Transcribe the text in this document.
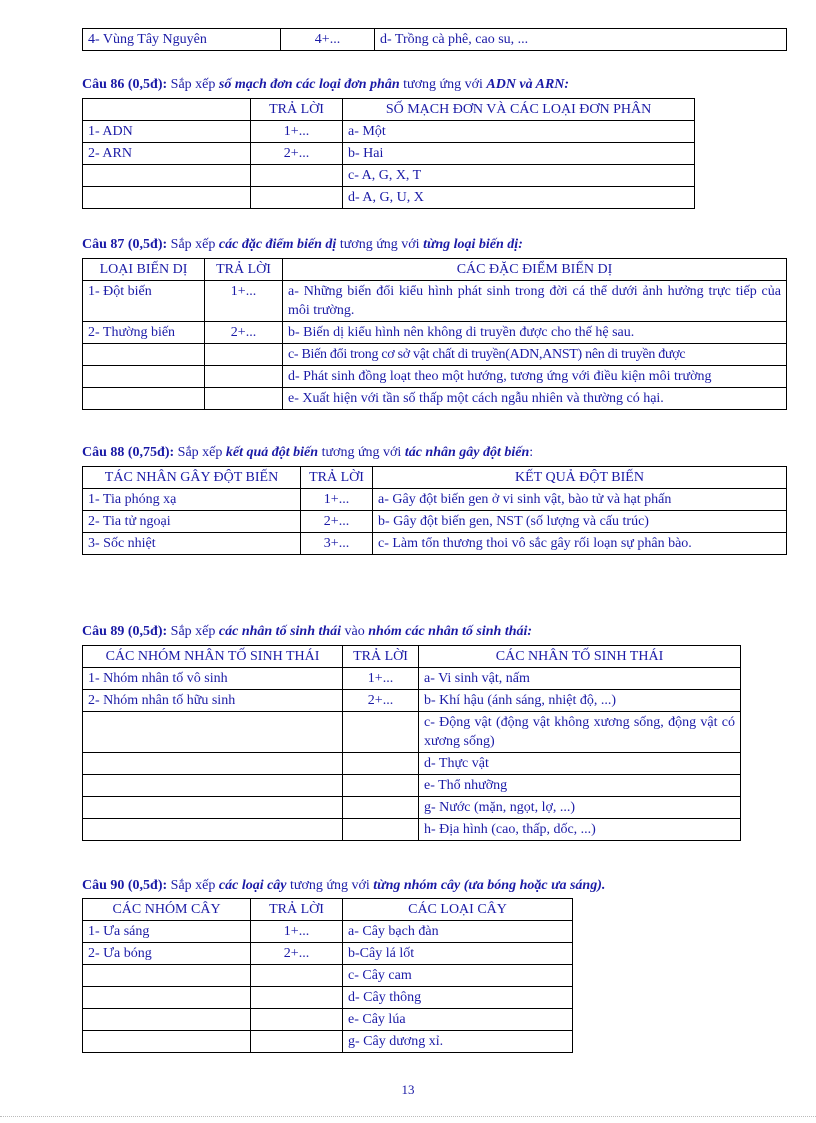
4- Vùng Tây Nguyên	4+...	d- Trồng cà phê, cao su, ...
Câu 86 (0,5đ): Sắp xếp số mạch đơn các loại đơn phân tương ứng với ADN và ARN:
	TRẢ LỜI	SỐ MẠCH ĐƠN VÀ CÁC LOẠI ĐƠN PHÂN
1- ADN	1+...	a- Một
2- ARN	2+...	b- Hai
		c- A, G, X, T
		d- A, G, U, X
Câu 87 (0,5đ): Sắp xếp các đặc điểm biến dị tương ứng với từng loại biến dị:
LOẠI BIẾN DỊ	TRẢ LỜI	CÁC ĐẶC ĐIỂM BIẾN DỊ
1- Đột biến	1+...	a- Những biến đổi kiểu hình phát sinh trong đời cá thể dưới ảnh hưởng trực tiếp của môi trường.
2- Thường biến	2+...	b- Biến dị kiểu hình nên không di truyền được cho thế hệ sau.
		c- Biến đổi trong cơ sở vật chất di truyền(ADN,ANST) nên di truyền được
		d- Phát sinh đồng loạt theo một hướng, tương ứng với điều kiện môi trường
		e- Xuất hiện với tần số thấp một cách ngẫu nhiên và thường có hại.
Câu 88 (0,75đ): Sắp xếp kết quả đột biến tương ứng với tác nhân gây đột biến:
TÁC NHÂN GÂY ĐỘT BIẾN	TRẢ LỜI	KẾT QUẢ ĐỘT BIẾN
1- Tia phóng xạ	1+...	a- Gây đột biến gen ở vi sinh vật, bào tử và hạt phấn
2- Tia tử ngoại	2+...	b- Gây đột biến gen, NST (số lượng và cấu trúc)
3- Sốc nhiệt	3+...	c- Làm tổn thương thoi vô sắc gây rối loạn sự phân bào.
Câu 89 (0,5đ): Sắp xếp các nhân tố sinh thái vào nhóm các nhân tố sinh thái:
CÁC NHÓM NHÂN TỐ SINH THÁI	TRẢ LỜI	CÁC NHÂN TỐ SINH THÁI
1- Nhóm nhân tố vô sinh	1+...	a- Vi sinh vật, nấm
2- Nhóm nhân tố hữu sinh	2+...	b- Khí hậu (ánh sáng, nhiệt độ, ...)
		c- Động vật (động vật không xương sống, động vật có xương sống)
		d- Thực vật
		e- Thổ nhưỡng
		g- Nước (mặn, ngọt, lợ, ...)
		h- Địa hình (cao, thấp, dốc, ...)
Câu 90 (0,5đ): Sắp xếp các loại cây tương ứng với từng nhóm cây (ưa bóng hoặc ưa sáng).
CÁC NHÓM CÂY	TRẢ LỜI	CÁC LOẠI CÂY
1- Ưa sáng	1+...	a- Cây bạch đàn
2- Ưa bóng	2+...	b-Cây lá lốt
		c- Cây cam
		d- Cây thông
		e- Cây lúa
		g- Cây dương xỉ.
13
